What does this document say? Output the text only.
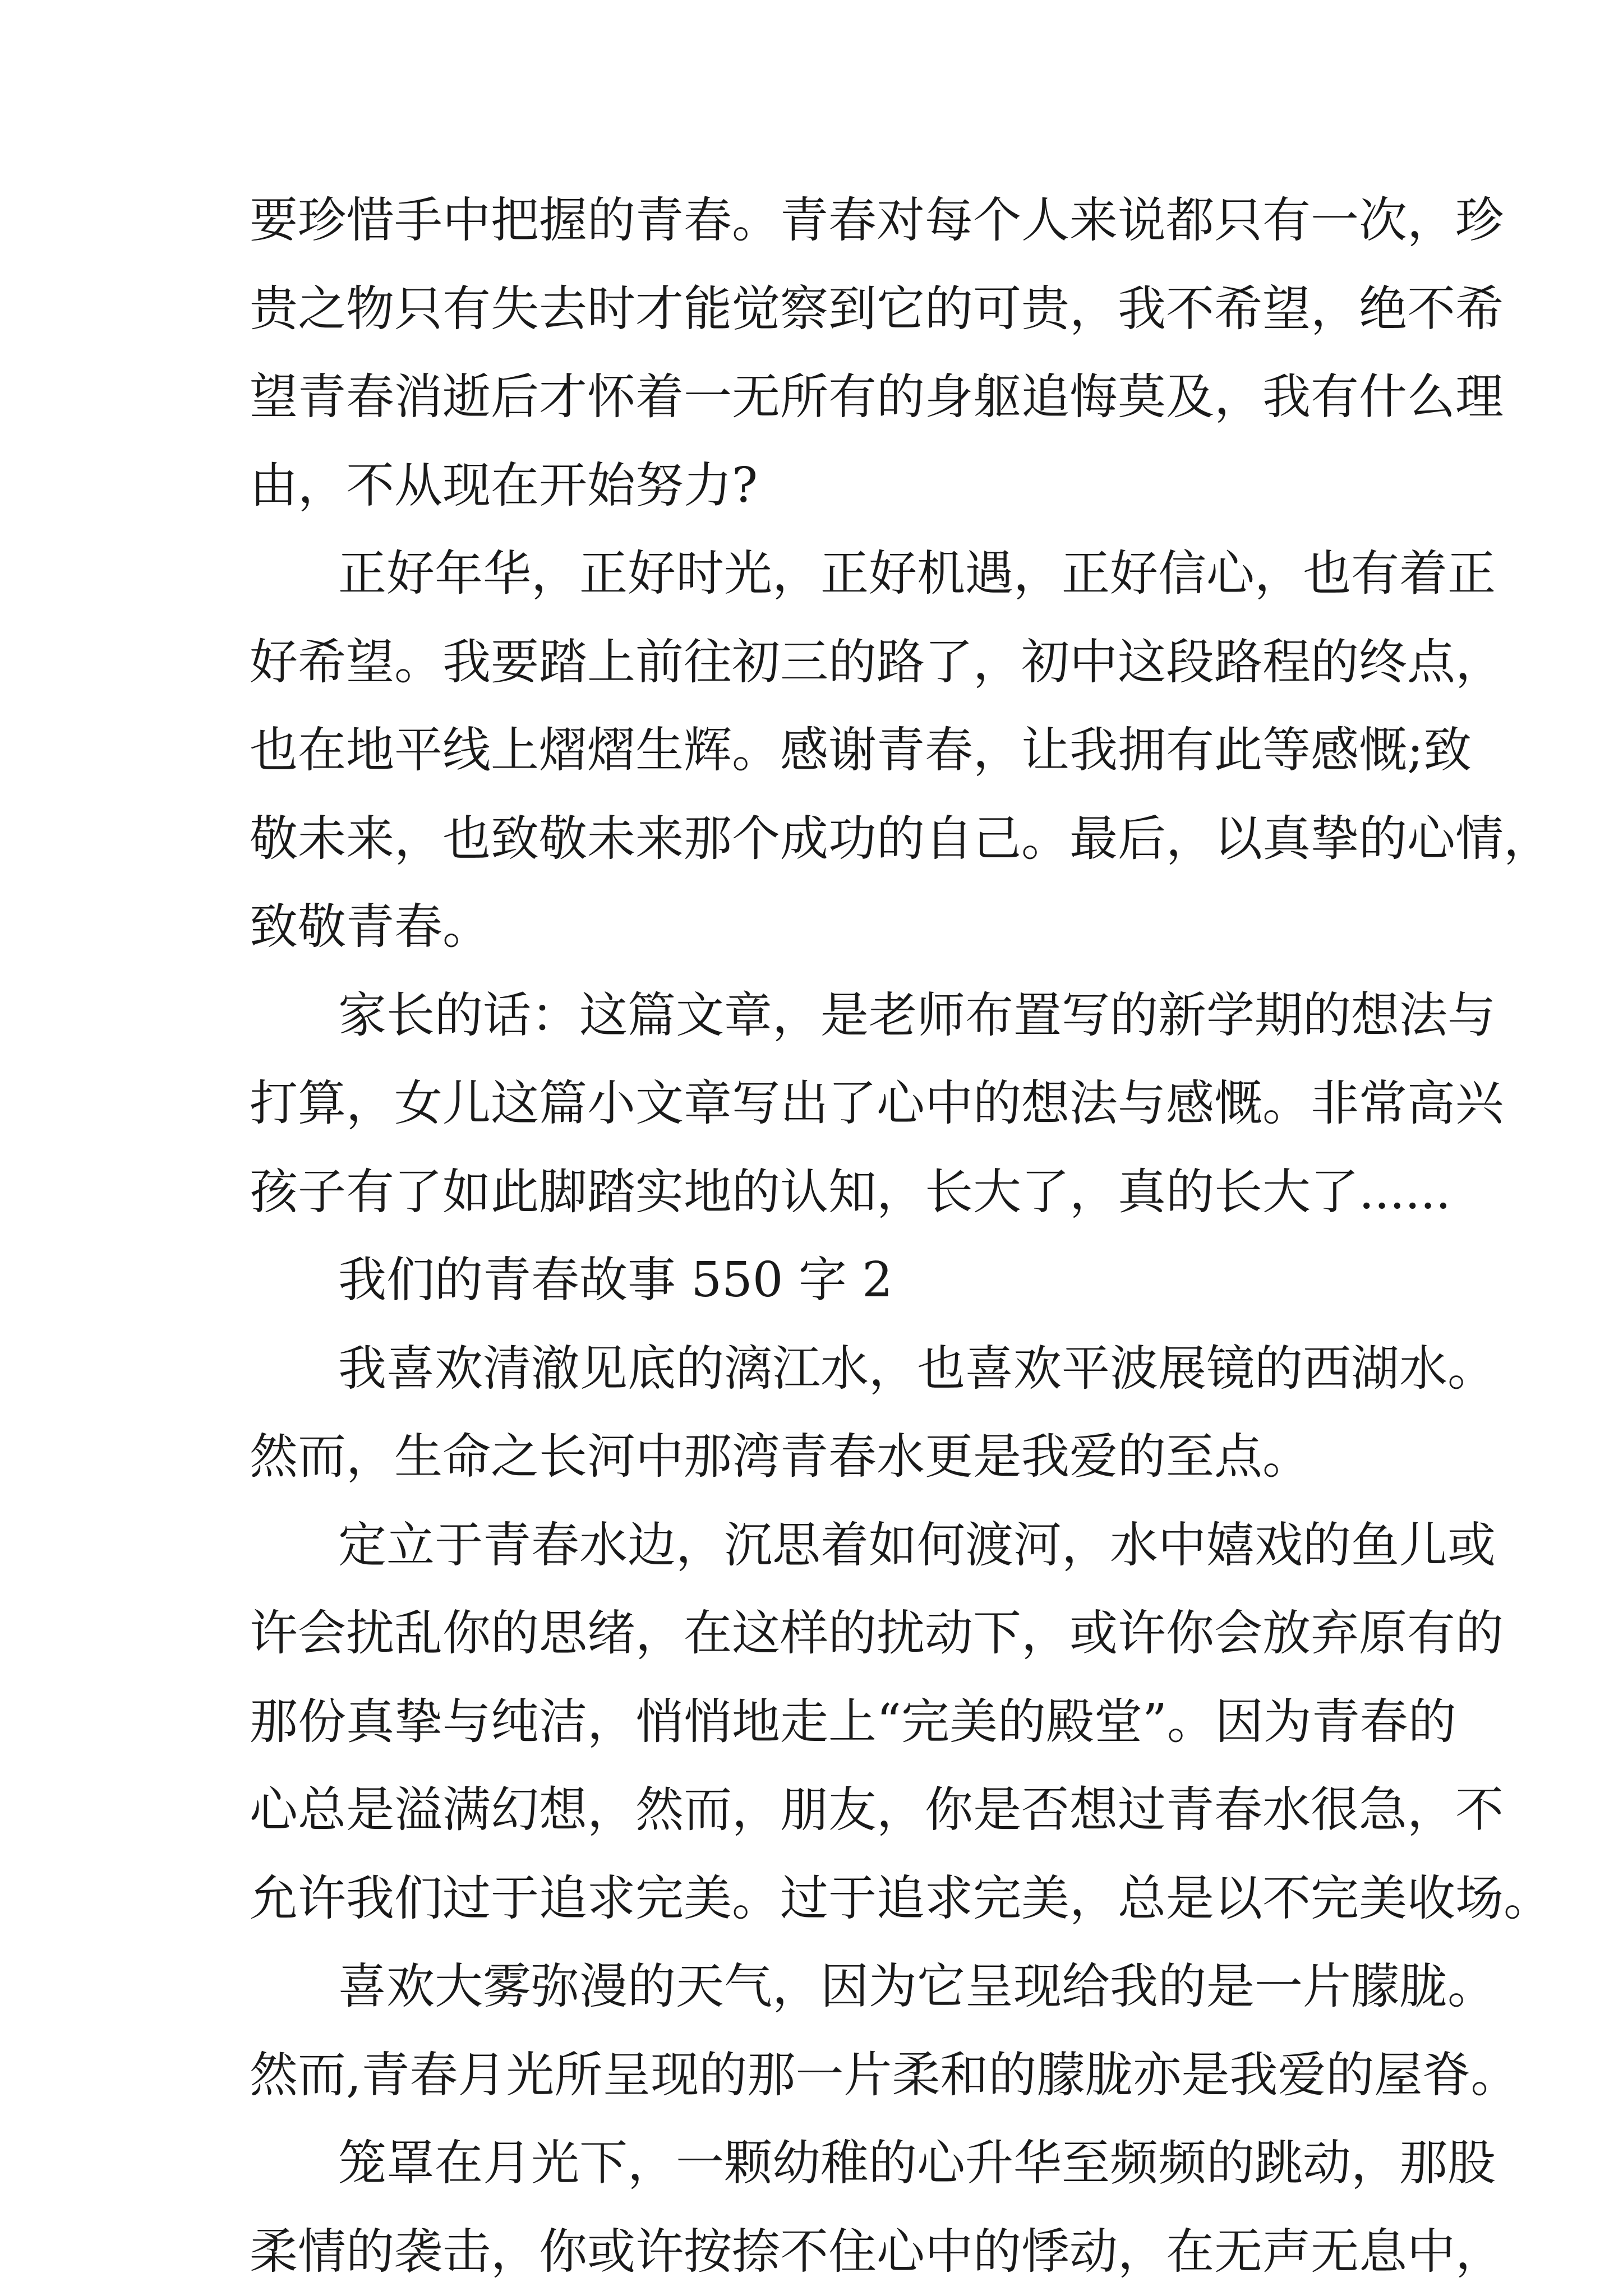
要珍惜手中把握的青春。青春对每个人来说都只有一次，珍
贵之物只有失去时才能觉察到它的可贵，我不希望，绝不希
望青春消逝后才怀着一无所有的身躯追悔莫及，我有什么理
由，不从现在开始努力?
正好年华，正好时光，正好机遇，正好信心，也有着正
好希望。我要踏上前往初三的路了，初中这段路程的终点，
也在地平线上熠熠生辉。感谢青春，让我拥有此等感慨;致
敬未来，也致敬未来那个成功的自己。最后，以真挚的心情，
致敬青春。
家长的话：这篇文章，是老师布置写的新学期的想法与
打算，女儿这篇小文章写出了心中的想法与感慨。非常高兴
孩子有了如此脚踏实地的认知，长大了，真的长大了......
我们的青春故事 550 字 2
我喜欢清澈见底的漓江水，也喜欢平波展镜的西湖水。
然而，生命之长河中那湾青春水更是我爱的至点。
定立于青春水边，沉思着如何渡河，水中嬉戏的鱼儿或
许会扰乱你的思绪，在这样的扰动下，或许你会放弃原有的
那份真挚与纯洁，悄悄地走上“完美的殿堂”。因为青春的
心总是溢满幻想，然而，朋友，你是否想过青春水很急，不
允许我们过于追求完美。过于追求完美，总是以不完美收场。
喜欢大雾弥漫的天气，因为它呈现给我的是一片朦胧。
然而,青春月光所呈现的那一片柔和的朦胧亦是我爱的屋脊。
笼罩在月光下，一颗幼稚的心升华至频频的跳动，那股
柔情的袭击，你或许按捺不住心中的悸动，在无声无息中，
